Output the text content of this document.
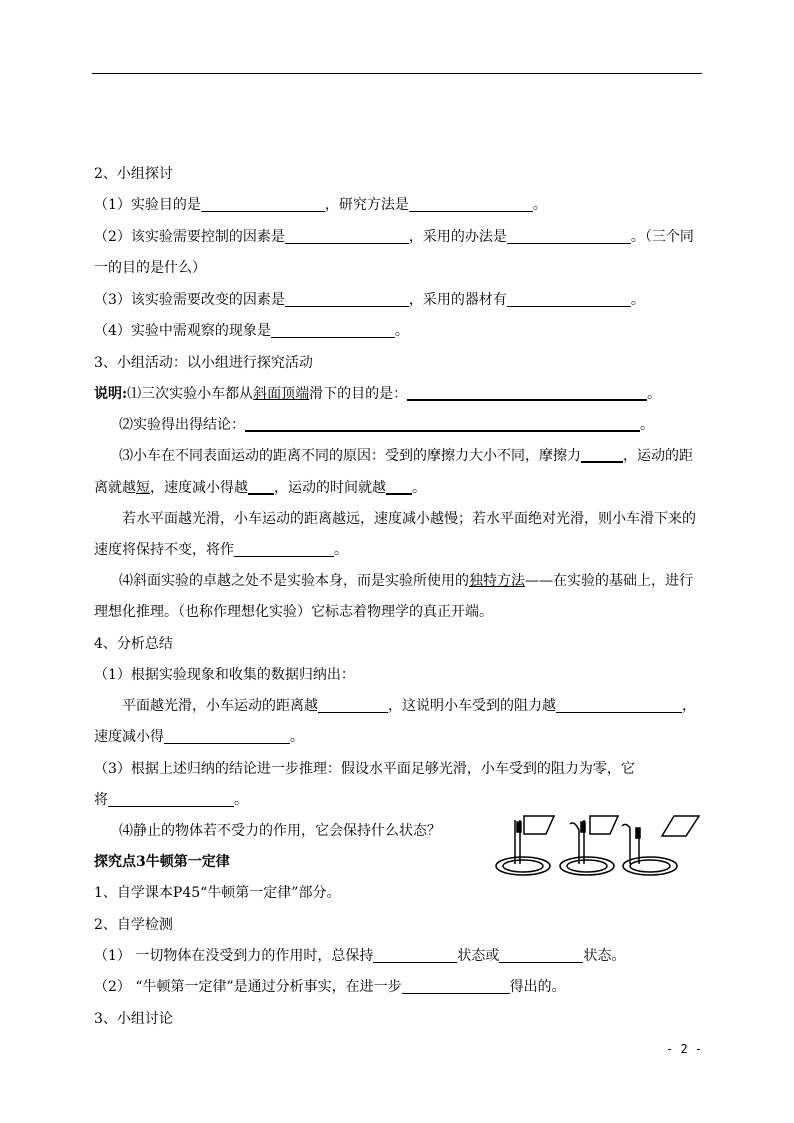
2、小组探讨
（1）实验目的是	，研究方法是	。
（2）该实验需要控制的因素是	，采用的办法是	。（三个同
一的目的是什么）
（3）该实验需要改变的因素是	，采用的器材有	。
（4）实验中需观察的现象是	。
3、小组活动：以小组进行探究活动
说明:⑴三次实验小车都从斜面顶端滑下的目的是：	。
⑵实验得出得结论：	。
⑶小车在不同表面运动的距离不同的原因：受到的摩擦力大小不同，摩擦力	，运动的距
离就越短，速度减小得越 ，运动的时间就越 。
若水平面越光滑，小车运动的距离越远，速度减小越慢；若水平面绝对光滑，则小车滑下来的
速度将保持不变，将作	。
⑷斜面实验的卓越之处不是实验本身，而是实验所使用的独特方法——在实验的基础上，进行
理想化推理。（也称作理想化实验）它标志着物理学的真正开端。
4、分析总结
（1）根据实验现象和收集的数据归纳出：
平面越光滑，小车运动的距离越	，这说明小车受到的阻力越	，
速度减小得	。
（3）根据上述归纳的结论进一步推理：假设水平面足够光滑，小车受到的阻力为零，它
将	。
⑷静止的物体若不受力的作用，它会保持什么状态？
探究点3牛顿第一定律
1、自学课本P45“牛顿第一定律”部分。
2、自学检测
（1） 一切物体在没受到力的作用时，总保持	状态或	状态。
（2） “牛顿第一定律”是通过分析事实，在进一步	得出的。
3、小组讨论
- 2 -
